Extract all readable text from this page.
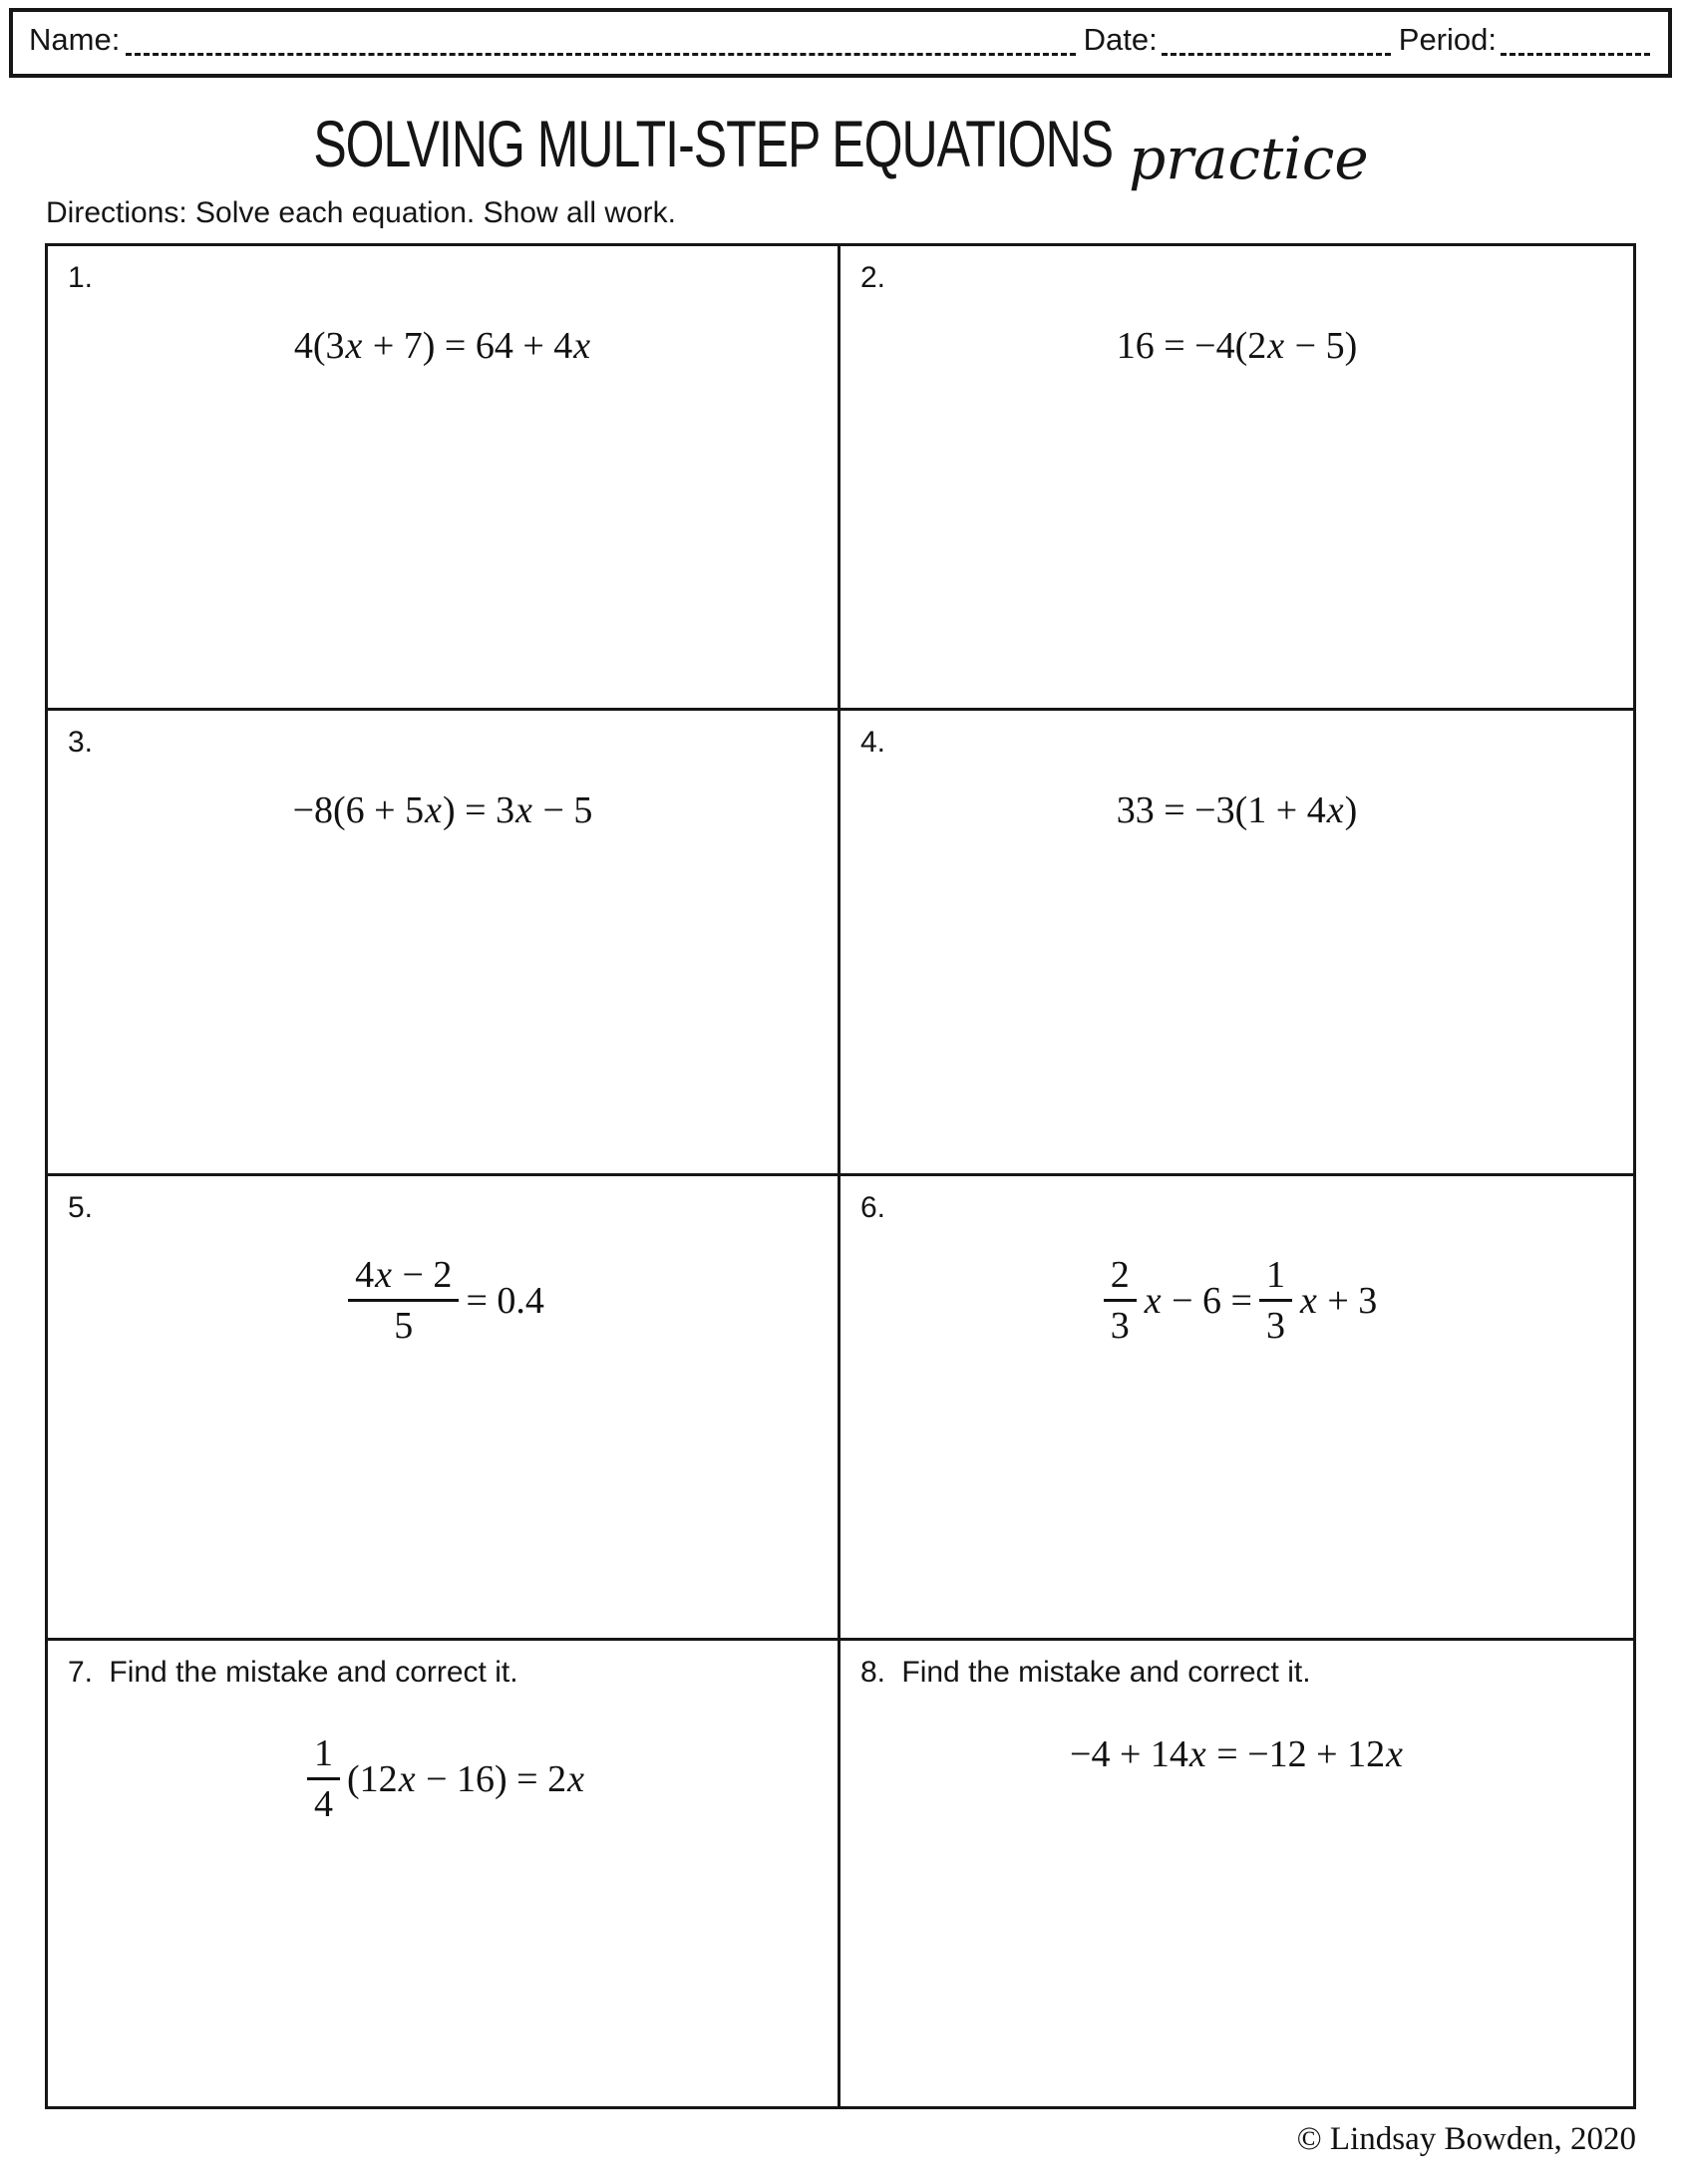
Name:	Date:	Period:
SOLVING MULTI-STEP EQUATIONS practice
Directions: Solve each equation. Show all work.
1.
4(3x + 7) = 64 + 4x
2.
16 = −4(2x − 5)
3.
−8(6 + 5x) = 3x − 5
4.
33 = −3(1 + 4x)
5.
$\frac{4x - 2}{5} = 0.4$
6.
$\frac{2}{3}$ $x - 6 = \frac{1}{3}$ x + 3
7. Find the mistake and correct it.
$\frac{1}{4} (12x - 16) = 2x$
8. Find the mistake and correct it.
−4 + 14x = −12 + 12x
© Lindsay Bowden, 2020
